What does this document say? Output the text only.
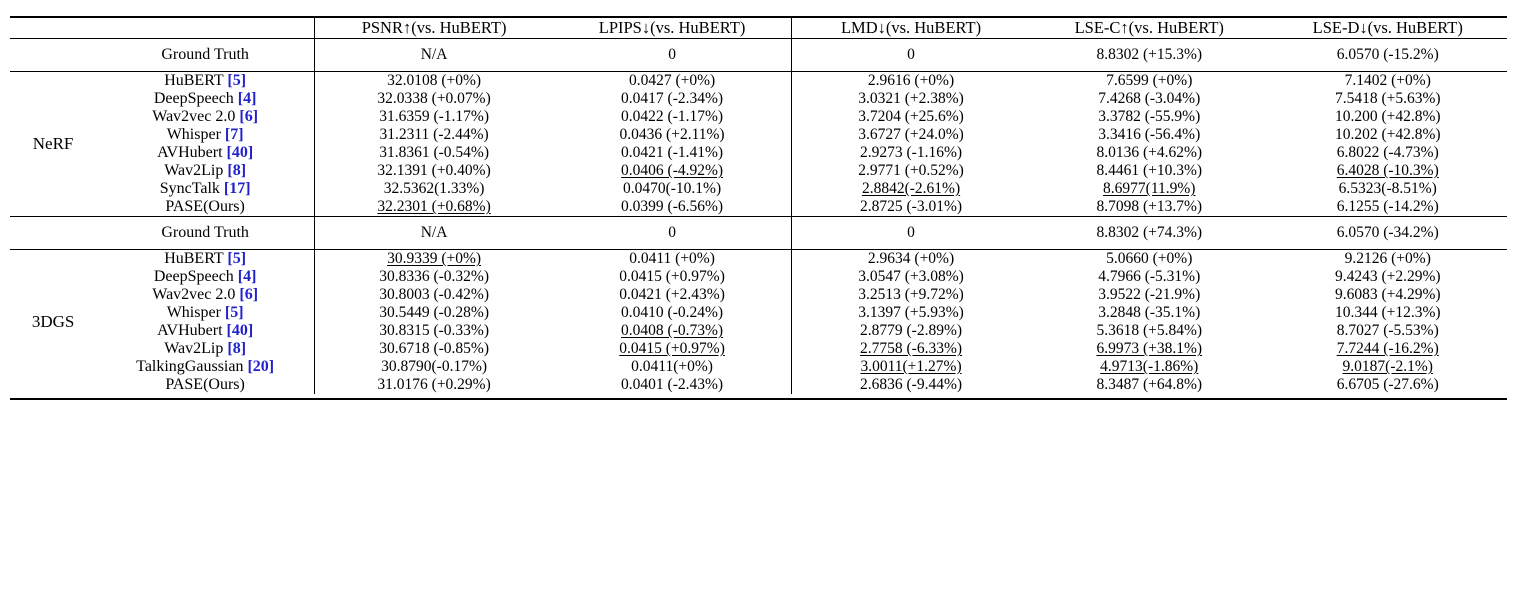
		PSNR↑(vs. HuBERT)	LPIPS↓(vs. HuBERT)	LMD↓(vs. HuBERT)	LSE-C↑(vs. HuBERT)	LSE-D↓(vs. HuBERT)
	Ground Truth	N/A	0	0	8.8302 (+15.3%)	6.0570 (-15.2%)
NeRF	HuBERT [5]	32.0108 (+0%)	0.0427 (+0%)	2.9616 (+0%)	7.6599 (+0%)	7.1402 (+0%)
	DeepSpeech [4]	32.0338 (+0.07%)	0.0417 (-2.34%)	3.0321 (+2.38%)	7.4268 (-3.04%)	7.5418 (+5.63%)
	Wav2vec 2.0 [6]	31.6359 (-1.17%)	0.0422 (-1.17%)	3.7204 (+25.6%)	3.3782 (-55.9%)	10.200 (+42.8%)
	Whisper [7]	31.2311 (-2.44%)	0.0436 (+2.11%)	3.6727 (+24.0%)	3.3416 (-56.4%)	10.202 (+42.8%)
	AVHubert [40]	31.8361 (-0.54%)	0.0421 (-1.41%)	2.9273 (-1.16%)	8.0136 (+4.62%)	6.8022 (-4.73%)
	Wav2Lip [8]	32.1391 (+0.40%)	0.0406 (-4.92%)	2.9771 (+0.52%)	8.4461 (+10.3%)	6.4028 (-10.3%)
	SyncTalk [17]	32.5362(1.33%)	0.0470(-10.1%)	2.8842(-2.61%)	8.6977(11.9%)	6.5323(-8.51%)
	PASE(Ours)	32.2301 (+0.68%)	0.0399 (-6.56%)	2.8725 (-3.01%)	8.7098 (+13.7%)	6.1255 (-14.2%)
	Ground Truth	N/A	0	0	8.8302 (+74.3%)	6.0570 (-34.2%)
3DGS	HuBERT [5]	30.9339 (+0%)	0.0411 (+0%)	2.9634 (+0%)	5.0660 (+0%)	9.2126 (+0%)
	DeepSpeech [4]	30.8336 (-0.32%)	0.0415 (+0.97%)	3.0547 (+3.08%)	4.7966 (-5.31%)	9.4243 (+2.29%)
	Wav2vec 2.0 [6]	30.8003 (-0.42%)	0.0421 (+2.43%)	3.2513 (+9.72%)	3.9522 (-21.9%)	9.6083 (+4.29%)
	Whisper [5]	30.5449 (-0.28%)	0.0410 (-0.24%)	3.1397 (+5.93%)	3.2848 (-35.1%)	10.344 (+12.3%)
	AVHubert [40]	30.8315 (-0.33%)	0.0408 (-0.73%)	2.8779 (-2.89%)	5.3618 (+5.84%)	8.7027 (-5.53%)
	Wav2Lip [8]	30.6718 (-0.85%)	0.0415 (+0.97%)	2.7758 (-6.33%)	6.9973 (+38.1%)	7.7244 (-16.2%)
	TalkingGaussian [20]	30.8790(-0.17%)	0.0411(+0%)	3.0011(+1.27%)	4.9713(-1.86%)	9.0187(-2.1%)
	PASE(Ours)	31.0176 (+0.29%)	0.0401 (-2.43%)	2.6836 (-9.44%)	8.3487 (+64.8%)	6.6705 (-27.6%)
